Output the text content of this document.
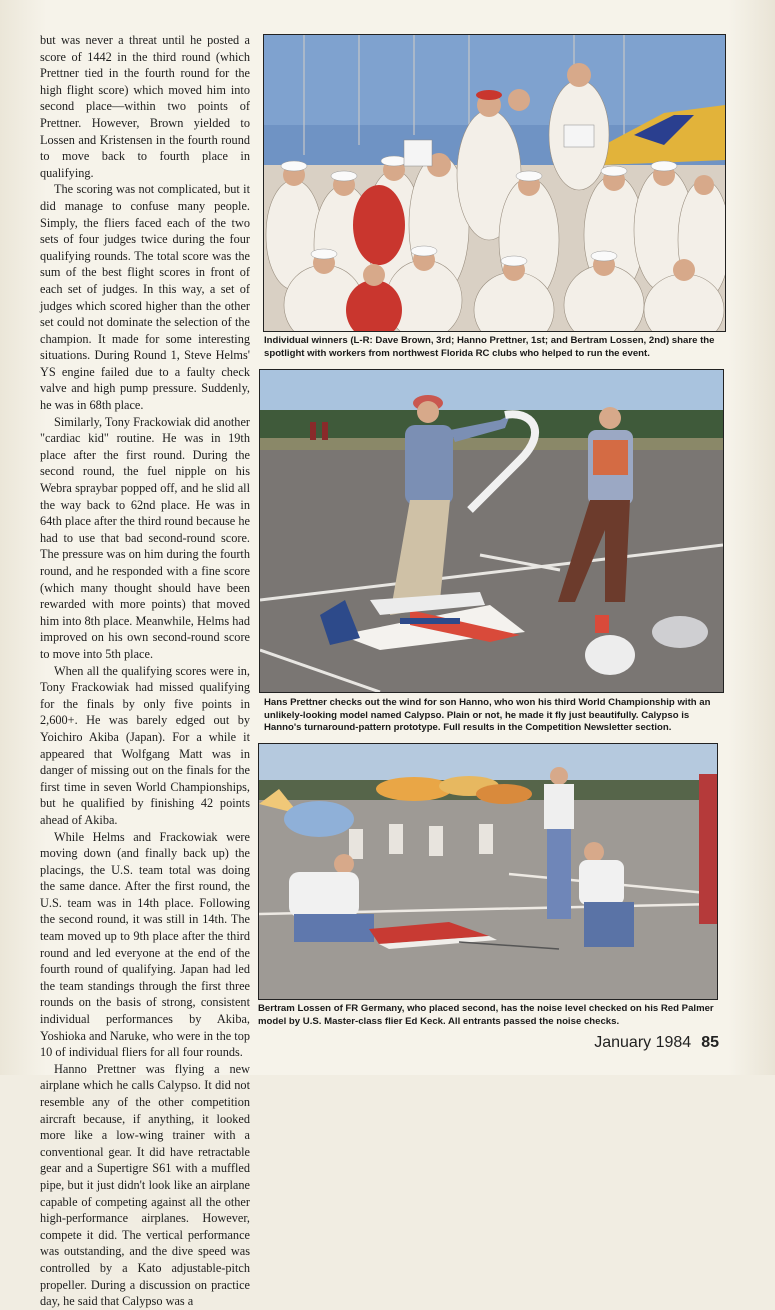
but was never a threat until he posted a score of 1442 in the third round (which Prettner tied in the fourth round for the high flight score) which moved him into second place—within two points of Prettner. However, Brown yielded to Lossen and Kristensen in the fourth round to move back to fourth place in qualifying.

The scoring was not complicated, but it did manage to confuse many people. Simply, the fliers faced each of the two sets of four judges twice during the four qualifying rounds. The total score was the sum of the best flight scores in front of each set of judges. In this way, a set of judges which scored higher than the other set could not dominate the selection of the champion. It made for some interesting situations. During Round 1, Steve Helms' YS engine failed due to a faulty check valve and high pump pressure. Suddenly, he was in 68th place.

Similarly, Tony Frackowiak did another "cardiac kid" routine. He was in 19th place after the first round. During the second round, the fuel nipple on his Webra spraybar popped off, and he slid all the way back to 62nd place. He was in 64th place after the third round because he had to use that bad second-round score. The pressure was on him during the fourth round, and he responded with a fine score (which many thought should have been rewarded with more points) that moved him into 8th place. Meanwhile, Helms had improved on his own second-round score to move into 5th place.

When all the qualifying scores were in, Tony Frackowiak had missed qualifying for the finals by only five points in 2,600+. He was barely edged out by Yoichiro Akiba (Japan). For a while it appeared that Wolfgang Matt was in danger of missing out on the finals for the first time in seven World Championships, but he qualified by finishing 42 points ahead of Akiba.

While Helms and Frackowiak were moving down (and finally back up) the placings, the U.S. team total was doing the same dance. After the first round, the U.S. team was in 14th place. Following the second round, it was still in 14th. The team moved up to 9th place after the third round and led everyone at the end of the fourth round of qualifying. Japan had led the team standings through the first three rounds on the basis of strong, consistent individual performances by Akiba, Yoshioka and Naruke, who were in the top 10 of individual fliers for all four rounds.

Hanno Prettner was flying a new airplane which he calls Calypso. It did not resemble any of the other competition aircraft because, if anything, it looked more like a low-wing trainer with a conventional gear. It did have retractable gear and a Supertigre S61 with a muffled pipe, but it just didn't look like an airplane capable of competing against all the other high-performance airplanes. However, compete it did. The vertical performance was outstanding, and the dive speed was controlled by a Kato adjustable-pitch propeller. During a discussion on practice day, he said that Calypso was a

Individual winners (L-R: Dave Brown, 3rd; Hanno Prettner, 1st; and Bertram Lossen, 2nd) share the spotlight with workers from northwest Florida RC clubs who helped to run the event.
Hans Prettner checks out the wind for son Hanno, who won his third World Championship with an unlikely-looking model named Calypso. Plain or not, he made it fly just beautifully. Calypso is Hanno's turnaround-pattern prototype. Full results in the Competition Newsletter section.
Bertram Lossen of FR Germany, who placed second, has the noise level checked on his Red Palmer model by U.S. Master-class flier Ed Keck. All entrants passed the noise checks.
January 1984 85
